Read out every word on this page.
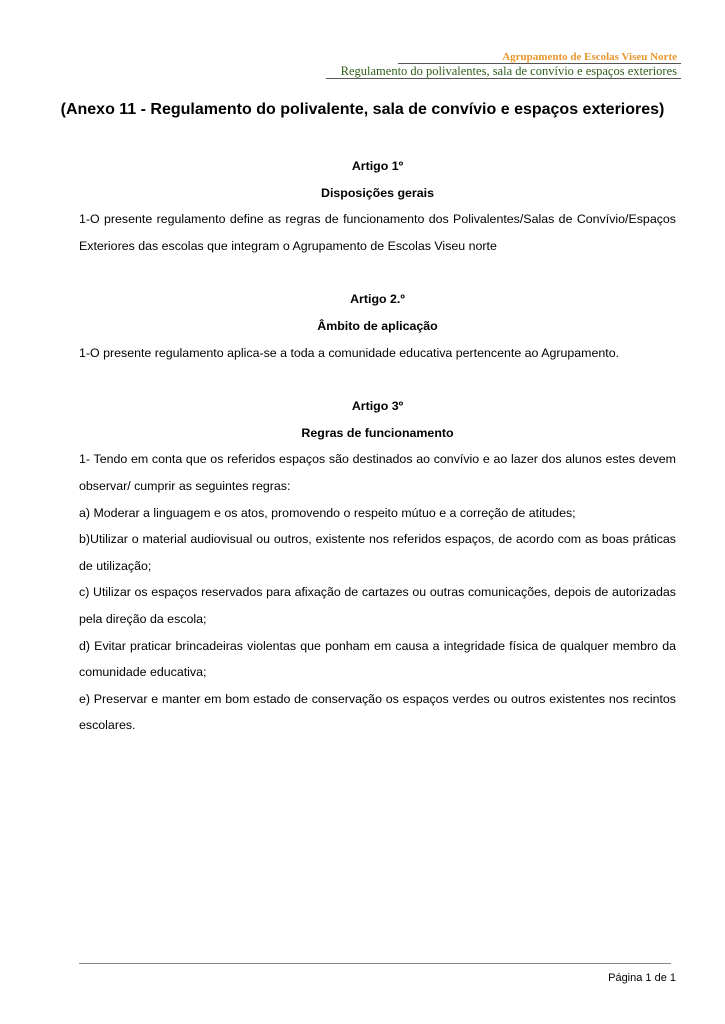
Agrupamento de Escolas Viseu Norte
Regulamento do polivalentes, sala de convívio e espaços exteriores
(Anexo 11 - Regulamento do polivalente, sala de convívio e espaços exteriores)

Artigo 1º

Disposições gerais

1-O presente regulamento define as regras de funcionamento dos Polivalentes/Salas de Convívio/Espaços Exteriores das escolas que integram o Agrupamento de Escolas Viseu norte

Artigo 2.º

Âmbito de aplicação

1-O presente regulamento aplica-se a toda a comunidade educativa pertencente ao Agrupamento.

Artigo 3º

Regras de funcionamento

1- Tendo em conta que os referidos espaços são destinados ao convívio e ao lazer dos alunos estes devem observar/ cumprir as seguintes regras:

a) Moderar a linguagem e os atos, promovendo o respeito mútuo e a correção de atitudes;

b)Utilizar o material audiovisual ou outros, existente nos referidos espaços, de acordo com as boas práticas de utilização;

c) Utilizar os espaços reservados para afixação de cartazes ou outras comunicações, depois de autorizadas pela direção da escola;

d) Evitar praticar brincadeiras violentas que ponham em causa a integridade física de qualquer membro da comunidade educativa;

e) Preservar e manter em bom estado de conservação os espaços verdes ou outros existentes nos recintos escolares.

Página 1 de 1
